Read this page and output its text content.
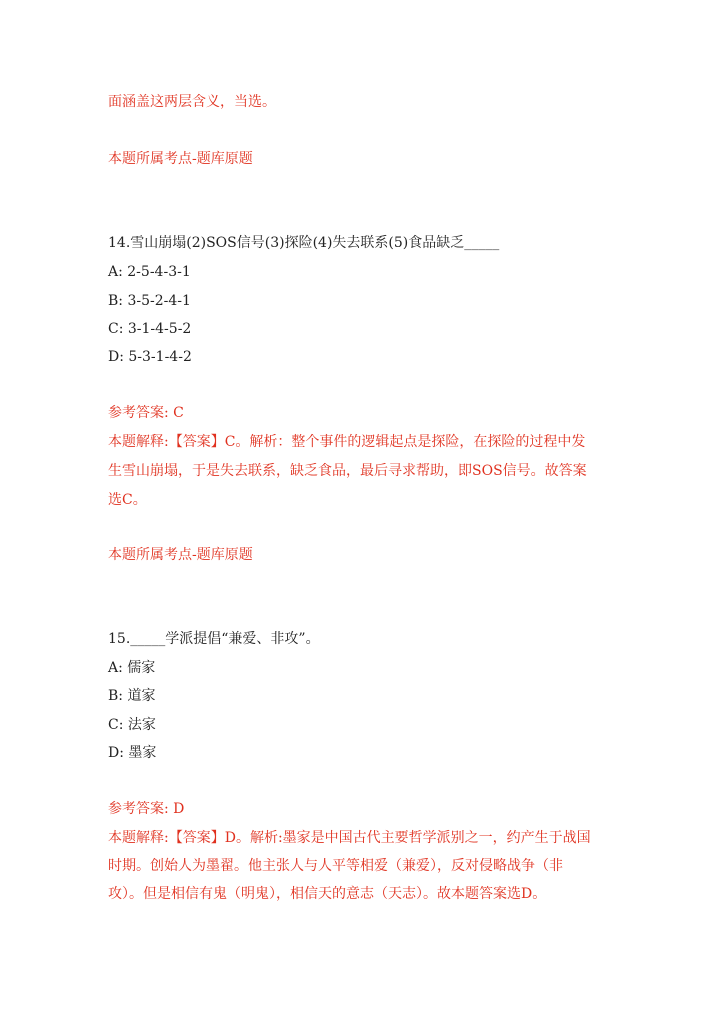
面涵盖这两层含义，当选。
本题所属考点-题库原题
14.雪山崩塌(2)SOS信号(3)探险(4)失去联系(5)食品缺乏_____
A: 2-5-4-3-1
B: 3-5-2-4-1
C: 3-1-4-5-2
D: 5-3-1-4-2
参考答案: C
本题解释:【答案】C。解析：整个事件的逻辑起点是探险，在探险的过程中发
生雪山崩塌，于是失去联系，缺乏食品，最后寻求帮助，即SOS信号。故答案
选C。
本题所属考点-题库原题
15._____学派提倡“兼爱、非攻”。
A: 儒家
B: 道家
C: 法家
D: 墨家
参考答案: D
本题解释:【答案】D。解析:墨家是中国古代主要哲学派别之一，约产生于战国
时期。创始人为墨翟。他主张人与人平等相爱（兼爱），反对侵略战争（非
攻）。但是相信有鬼（明鬼），相信天的意志（天志）。故本题答案选D。
